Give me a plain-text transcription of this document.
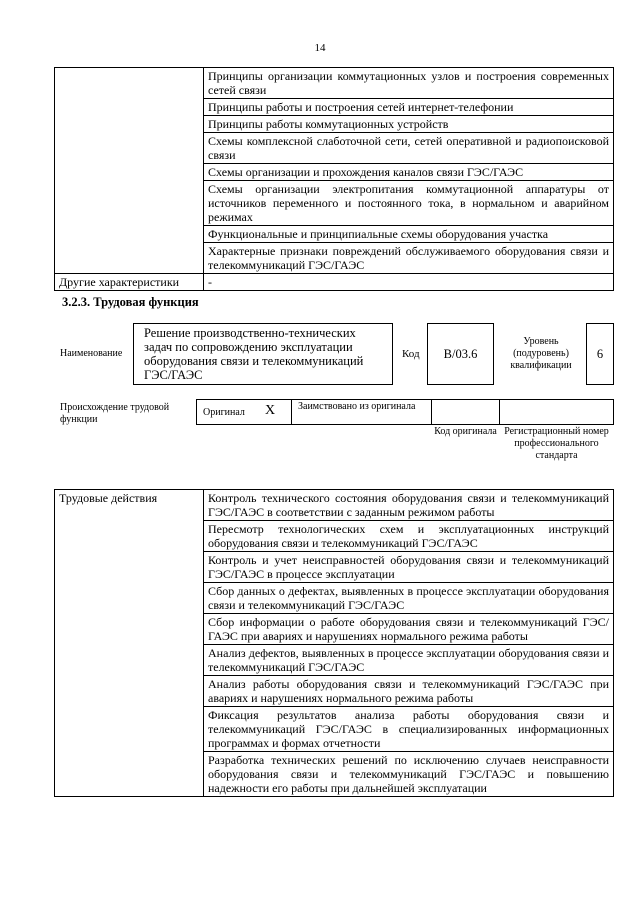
14
	Принципы организации коммутационных узлов и построения современных сетей связи
	Принципы работы и построения сетей интернет-телефонии
	Принципы работы коммутационных устройств
	Схемы комплексной слаботочной сети, сетей оперативной и радиопоисковой связи
	Схемы организации и прохождения каналов связи ГЭС/ГАЭС
	Схемы организации электропитания коммутационной аппаратуры от источников переменного и постоянного тока, в нормальном и аварийном режимах
	Функциональные и принципиальные схемы оборудования участка
	Характерные признаки повреждений обслуживаемого оборудования связи и телекоммуникаций ГЭС/ГАЭС
Другие характеристики	-
3.2.3. Трудовая функция
Наименование
Решение производственно-технических задач по сопровождению эксплуатации оборудования связи и телекоммуникаций ГЭС/ГАЭС
Код	B/03.6
Уровень (подуровень) квалификации
6
Происхождение трудовой функции
Оригинал X Заимствовано из оригинала
Код оригинала Регистрационный номер профессионального стандарта
Трудовые действия	Контроль технического состояния оборудования связи и телекоммуникаций ГЭС/ГАЭС в соответствии с заданным режимом работы
Пересмотр технологических схем и эксплуатационных инструкций оборудования связи и телекоммуникаций ГЭС/ГАЭС
Контроль и учет неисправностей оборудования связи и телекоммуникаций ГЭС/ГАЭС в процессе эксплуатации
Сбор данных о дефектах, выявленных в процессе эксплуатации оборудования связи и телекоммуникаций ГЭС/ГАЭС
Сбор информации о работе оборудования связи и телекоммуникаций ГЭС/ГАЭС при авариях и нарушениях нормального режима работы
Анализ дефектов, выявленных в процессе эксплуатации оборудования связи и телекоммуникаций ГЭС/ГАЭС
Анализ работы оборудования связи и телекоммуникаций ГЭС/ГАЭС при авариях и нарушениях нормального режима работы
Фиксация результатов анализа работы оборудования связи и телекоммуникаций ГЭС/ГАЭС в специализированных информационных программах и формах отчетности
Разработка технических решений по исключению случаев неисправности оборудования связи и телекоммуникаций ГЭС/ГАЭС и повышению надежности его работы при дальнейшей эксплуатации
